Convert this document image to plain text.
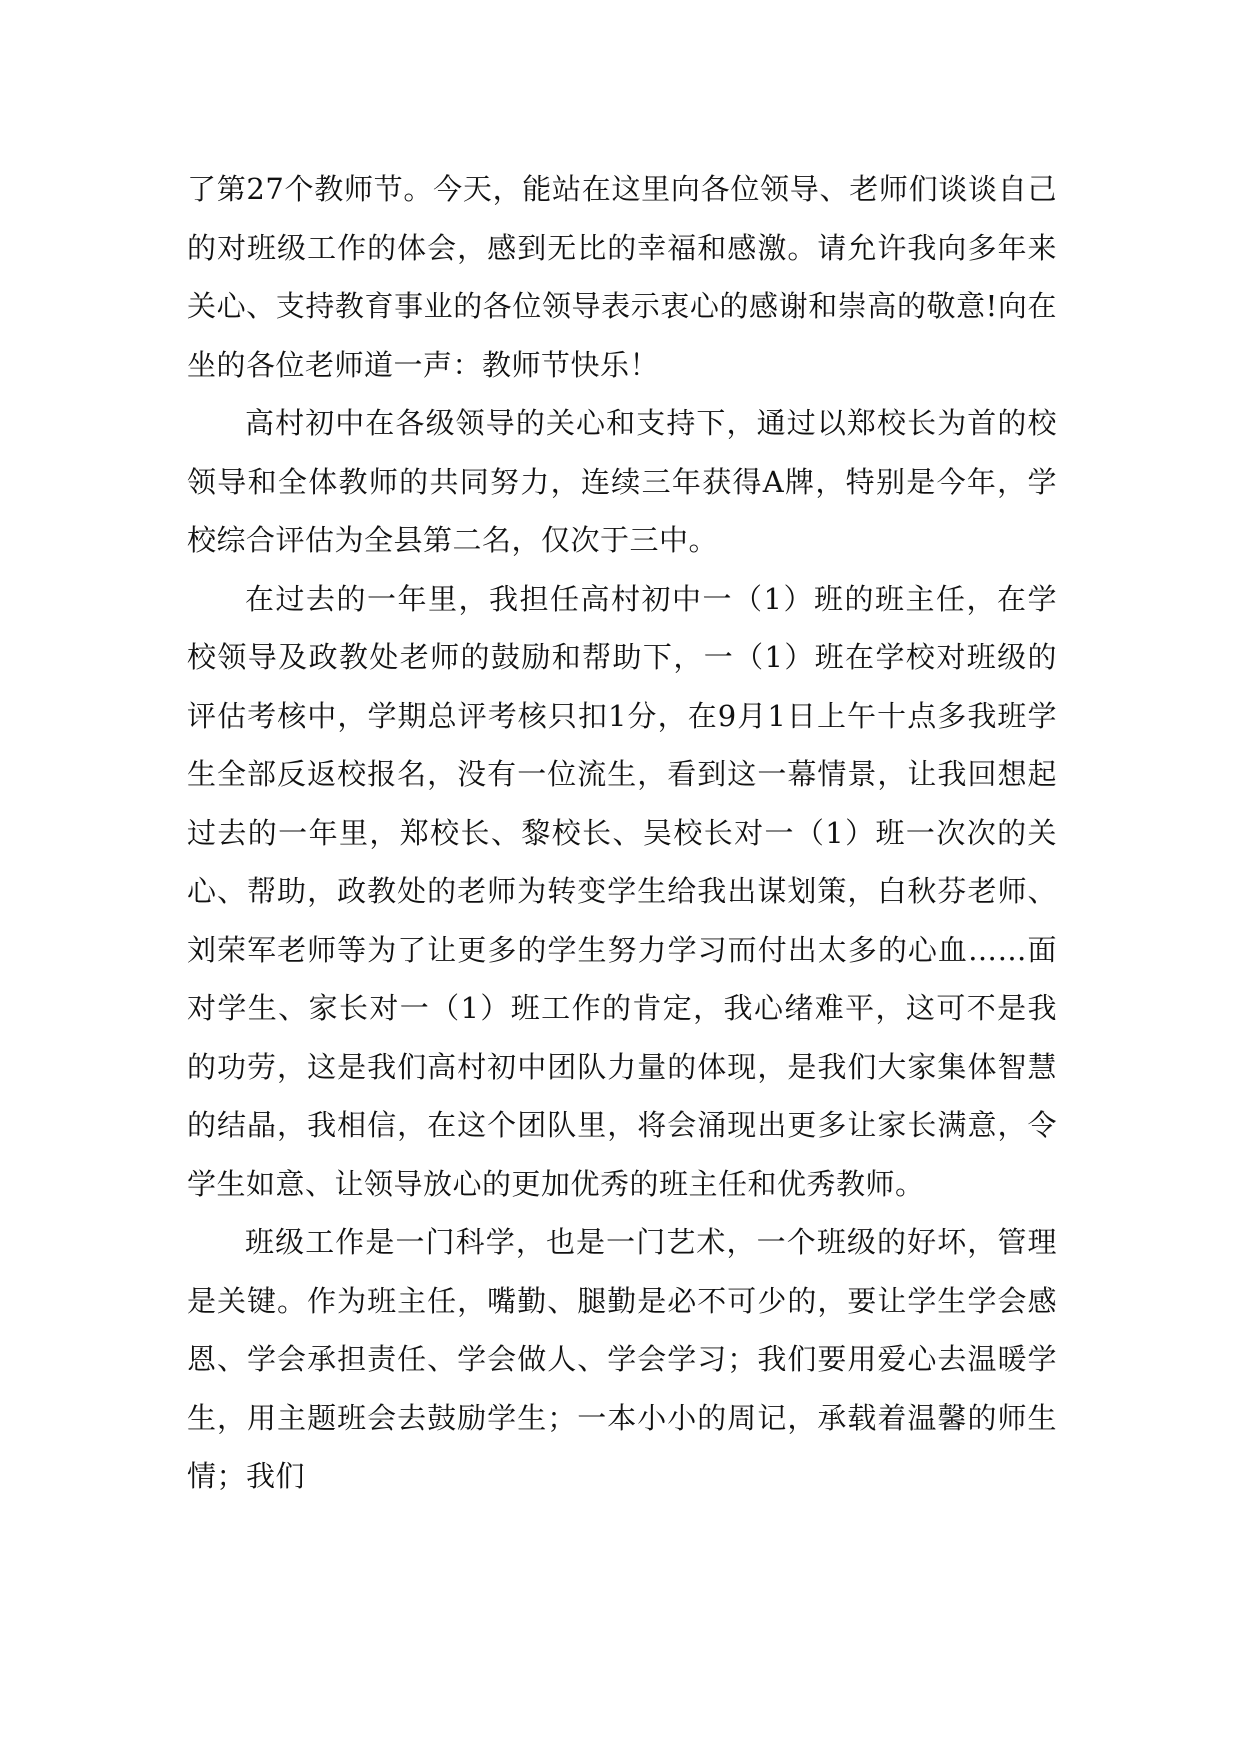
了第27个教师节。今天，能站在这里向各位领导、老师们谈谈自己的对班级工作的体会，感到无比的幸福和感激。请允许我向多年来关心、支持教育事业的各位领导表示衷心的感谢和崇高的敬意!向在坐的各位老师道一声：教师节快乐！

高村初中在各级领导的关心和支持下，通过以郑校长为首的校领导和全体教师的共同努力，连续三年获得A牌，特别是今年，学校综合评估为全县第二名，仅次于三中。

在过去的一年里，我担任高村初中一（1）班的班主任，在学校领导及政教处老师的鼓励和帮助下，一（1）班在学校对班级的评估考核中，学期总评考核只扣1分，在9月1日上午十点多我班学生全部反返校报名，没有一位流生，看到这一幕情景，让我回想起过去的一年里，郑校长、黎校长、吴校长对一（1）班一次次的关心、帮助，政教处的老师为转变学生给我出谋划策，白秋芬老师、刘荣军老师等为了让更多的学生努力学习而付出太多的心血……面对学生、家长对一（1）班工作的肯定，我心绪难平，这可不是我的功劳，这是我们高村初中团队力量的体现，是我们大家集体智慧的结晶，我相信，在这个团队里，将会涌现出更多让家长满意，令学生如意、让领导放心的更加优秀的班主任和优秀教师。

班级工作是一门科学，也是一门艺术，一个班级的好坏，管理是关键。作为班主任，嘴勤、腿勤是必不可少的，要让学生学会感恩、学会承担责任、学会做人、学会学习；我们要用爱心去温暖学生，用主题班会去鼓励学生；一本小小的周记，承载着温馨的师生情；我们
